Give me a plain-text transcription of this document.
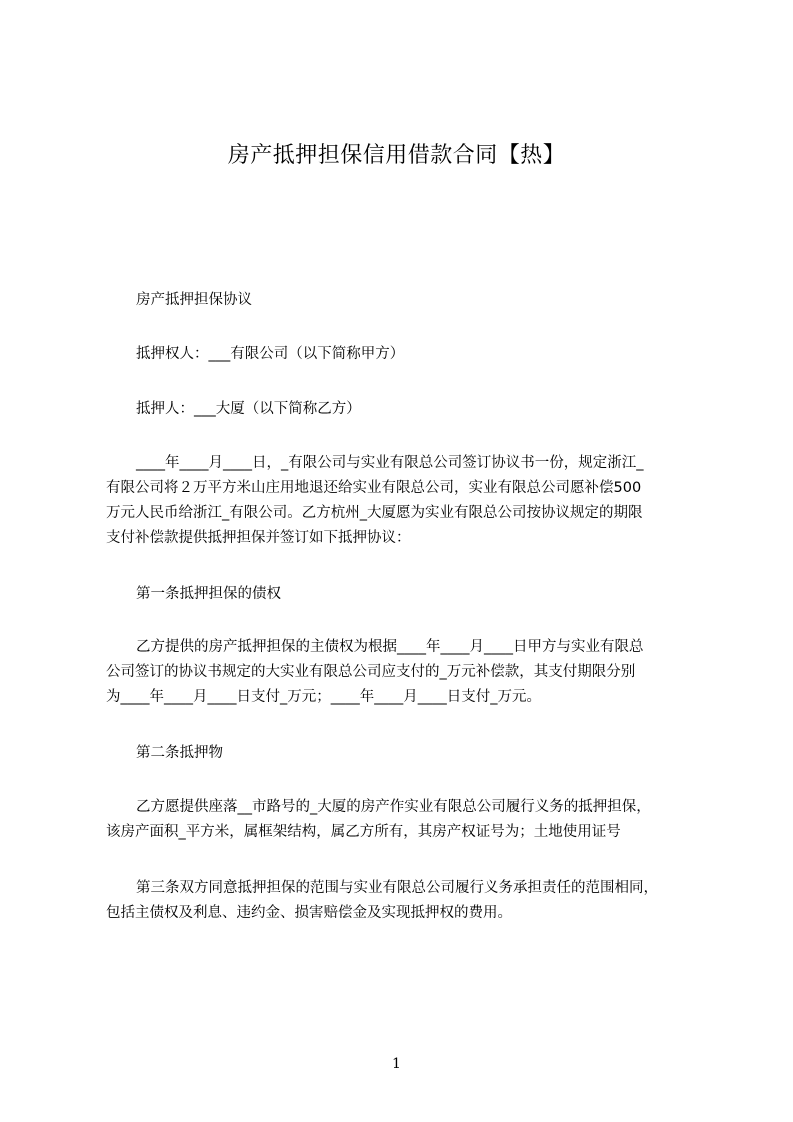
房产抵押担保信用借款合同【热】

房产抵押担保协议

抵押权人：___有限公司（以下简称甲方）

抵押人：___大厦（以下简称乙方）

____年____月____日，_有限公司与实业有限总公司签订协议书一份，规定浙江_
有限公司将２万平方米山庄用地退还给实业有限总公司，实业有限总公司愿补偿500
万元人民币给浙江_有限公司。乙方杭州_大厦愿为实业有限总公司按协议规定的期限
支付补偿款提供抵押担保并签订如下抵押协议：

第一条抵押担保的债权

乙方提供的房产抵押担保的主债权为根据____年____月____日甲方与实业有限总
公司签订的协议书规定的大实业有限总公司应支付的_万元补偿款，其支付期限分别
为____年____月____日支付_万元；____年____月____日支付_万元。

第二条抵押物

乙方愿提供座落__市路号的_大厦的房产作实业有限总公司履行义务的抵押担保，
该房产面积_平方米，属框架结构，属乙方所有，其房产权证号为；土地使用证号

第三条双方同意抵押担保的范围与实业有限总公司履行义务承担责任的范围相同，
包括主债权及利息、违约金、损害赔偿金及实现抵押权的费用。

1
